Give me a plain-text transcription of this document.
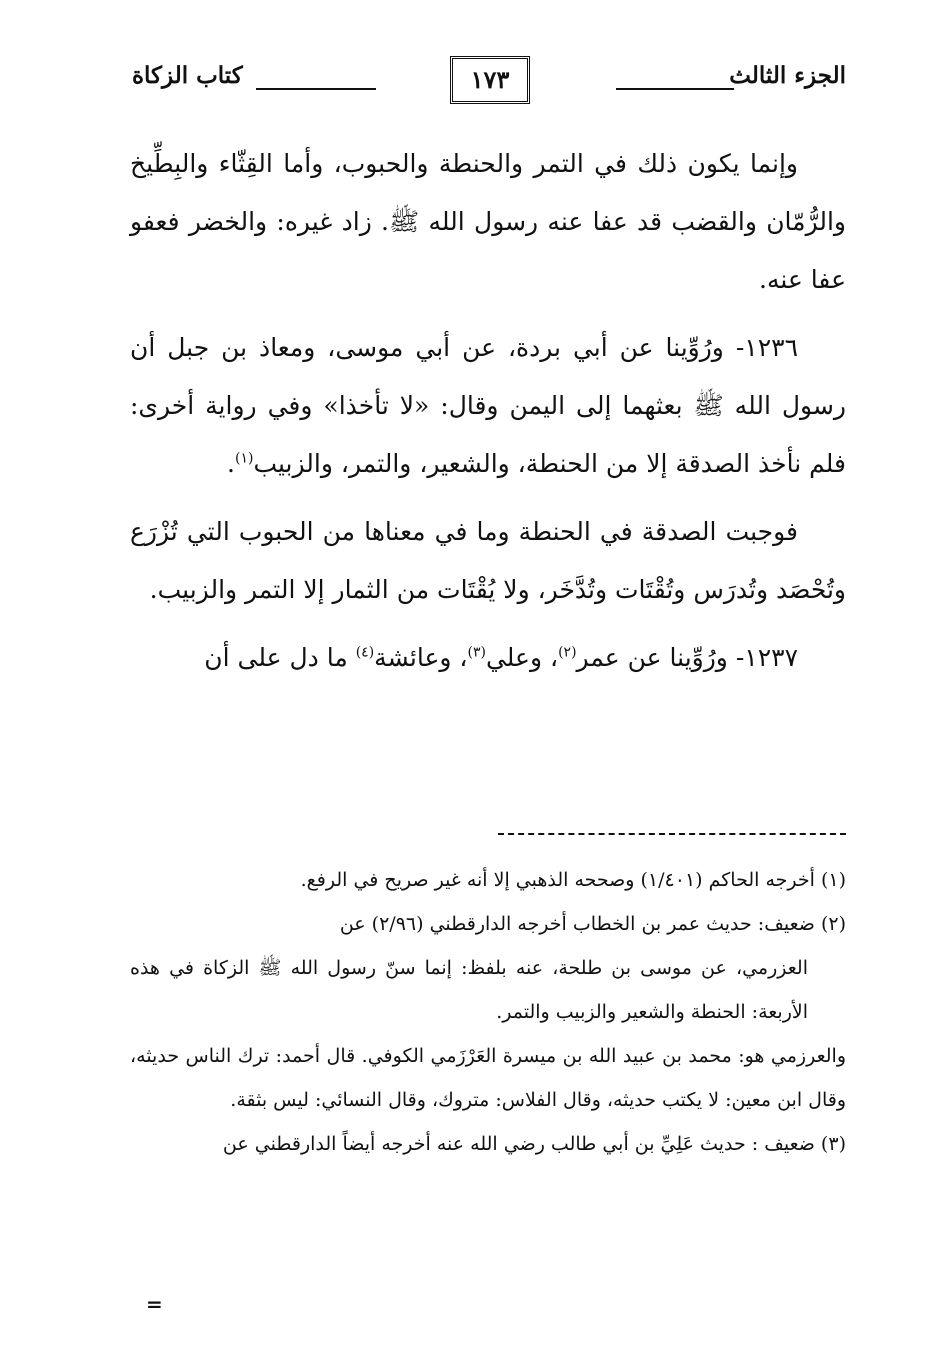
الجزء الثالث
١٧٣
كتاب الزكاة

وإنما يكون ذلك في التمر والحنطة والحبوب، وأما القِثّاء والبِطِّيخ والرُّمّان والقضب قد عفا عنه رسول الله ﷺ. زاد غيره: والخضر فعفو عفا عنه.

١٢٣٦- ورُوِّينا عن أبي بردة، عن أبي موسى، ومعاذ بن جبل أن رسول الله ﷺ بعثهما إلى اليمن وقال: «لا تأخذا» وفي رواية أخرى: فلم نأخذ الصدقة إلا من الحنطة، والشعير، والتمر، والزبيب$^{(١)}$.

فوجبت الصدقة في الحنطة وما في معناها من الحبوب التي تُزْرَع وتُحْصَد وتُدرَس وتُقْتَات وتُدَّخَر، ولا يُقْتَات من الثمار إلا التمر والزبيب.

١٢٣٧- ورُوِّينا عن عمر$^{(٢)}$، وعلي$^{(٣)}$، وعائشة$^{(٤)}$ ما دل على أن

(١) أخرجه الحاكم (١/٤٠١) وصححه الذهبي إلا أنه غير صريح في الرفع.

(٢) ضعيف: حديث عمر بن الخطاب أخرجه الدارقطني (٢/٩٦) عن

العزرمي، عن موسى بن طلحة، عنه بلفظ: إنما سنّ رسول الله ﷺ الزكاة في هذه الأربعة: الحنطة والشعير والزبيب والتمر.

والعرزمي هو: محمد بن عبيد الله بن ميسرة العَرْزَمي الكوفي. قال أحمد: ترك الناس حديثه، وقال ابن معين: لا يكتب حديثه، وقال الفلاس: متروك، وقال النسائي: ليس بثقة.

(٣) ضعيف : حديث عَلِيِّ بن أبي طالب رضي الله عنه أخرجه أيضاً الدارقطني عن

=
